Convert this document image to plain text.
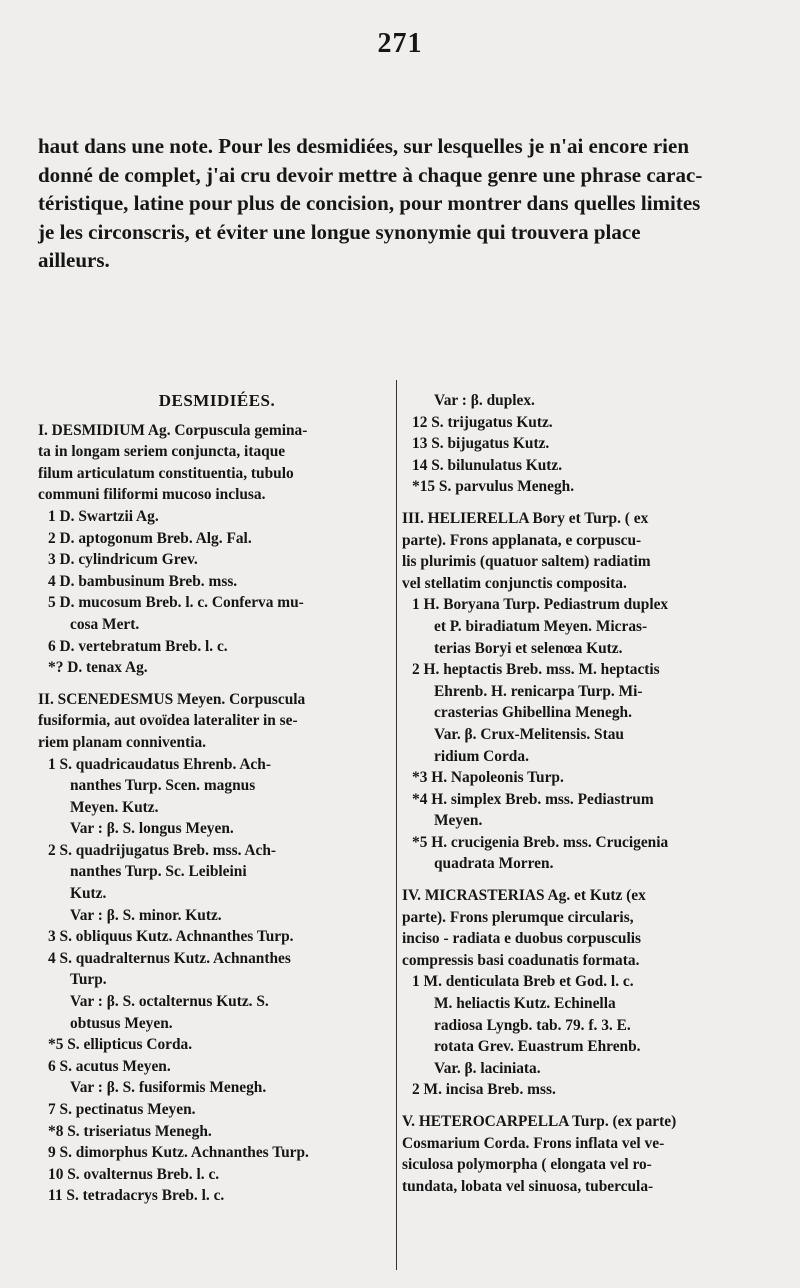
271
haut dans une note. Pour les desmidiées, sur lesquelles je n'ai encore rien
donné de complet, j'ai cru devoir mettre à chaque genre une phrase carac-
téristique, latine pour plus de concision, pour montrer dans quelles limites
je les circonscris, et éviter une longue synonymie qui trouvera place
ailleurs.
DESMIDIÉES.
I. DESMIDIUM Ag. Corpuscula gemina-
ta in longam seriem conjuncta, itaque
filum articulatum constituentia, tubulo
communi filiformi mucoso inclusa.
1 D. Swartzii Ag.
2 D. aptogonum Breb. Alg. Fal.
3 D. cylindricum Grev.
4 D. bambusinum Breb. mss.
5 D. mucosum Breb. l. c. Conferva mu-
cosa Mert.
6 D. vertebratum Breb. l. c.
*? D. tenax Ag.
II. SCENEDESMUS Meyen. Corpuscula
fusiformia, aut ovoïdea lateraliter in se-
riem planam conniventia.
1 S. quadricaudatus Ehrenb. Ach-
nanthes Turp. Scen. magnus
Meyen. Kutz.
Var : β. S. longus Meyen.
2 S. quadrijugatus Breb. mss. Ach-
nanthes Turp. Sc. Leibleini
Kutz.
Var : β. S. minor. Kutz.
3 S. obliquus Kutz. Achnanthes Turp.
4 S. quadralternus Kutz. Achnanthes
Turp.
Var : β. S. octalternus Kutz. S.
obtusus Meyen.
*5 S. ellipticus Corda.
6 S. acutus Meyen.
Var : β. S. fusiformis Menegh.
7 S. pectinatus Meyen.
*8 S. triseriatus Menegh.
9 S. dimorphus Kutz. Achnanthes Turp.
10 S. ovalternus Breb. l. c.
11 S. tetradacrys Breb. l. c.
Var : β. duplex.
12 S. trijugatus Kutz.
13 S. bijugatus Kutz.
14 S. bilunulatus Kutz.
*15 S. parvulus Menegh.
III. HELIERELLA Bory et Turp. ( ex
parte). Frons applanata, e corpuscu-
lis plurimis (quatuor saltem) radiatim
vel stellatim conjunctis composita.
1 H. Boryana Turp. Pediastrum duplex
et P. biradiatum Meyen. Micras-
terias Boryi et selenœa Kutz.
2 H. heptactis Breb. mss. M. heptactis
Ehrenb. H. renicarpa Turp. Mi-
crasterias Ghibellina Menegh.
Var. β. Crux-Melitensis. Stau
ridium Corda.
*3 H. Napoleonis Turp.
*4 H. simplex Breb. mss. Pediastrum
Meyen.
*5 H. crucigenia Breb. mss. Crucigenia
quadrata Morren.
IV. MICRASTERIAS Ag. et Kutz (ex
parte). Frons plerumque circularis,
inciso - radiata e duobus corpusculis
compressis basi coadunatis formata.
1 M. denticulata Breb et God. l. c.
M. heliactis Kutz. Echinella
radiosa Lyngb. tab. 79. f. 3. E.
rotata Grev. Euastrum Ehrenb.
Var. β. laciniata.
2 M. incisa Breb. mss.
V. HETEROCARPELLA Turp. (ex parte)
Cosmarium Corda. Frons inflata vel ve-
siculosa polymorpha ( elongata vel ro-
tundata, lobata vel sinuosa, tubercula-
